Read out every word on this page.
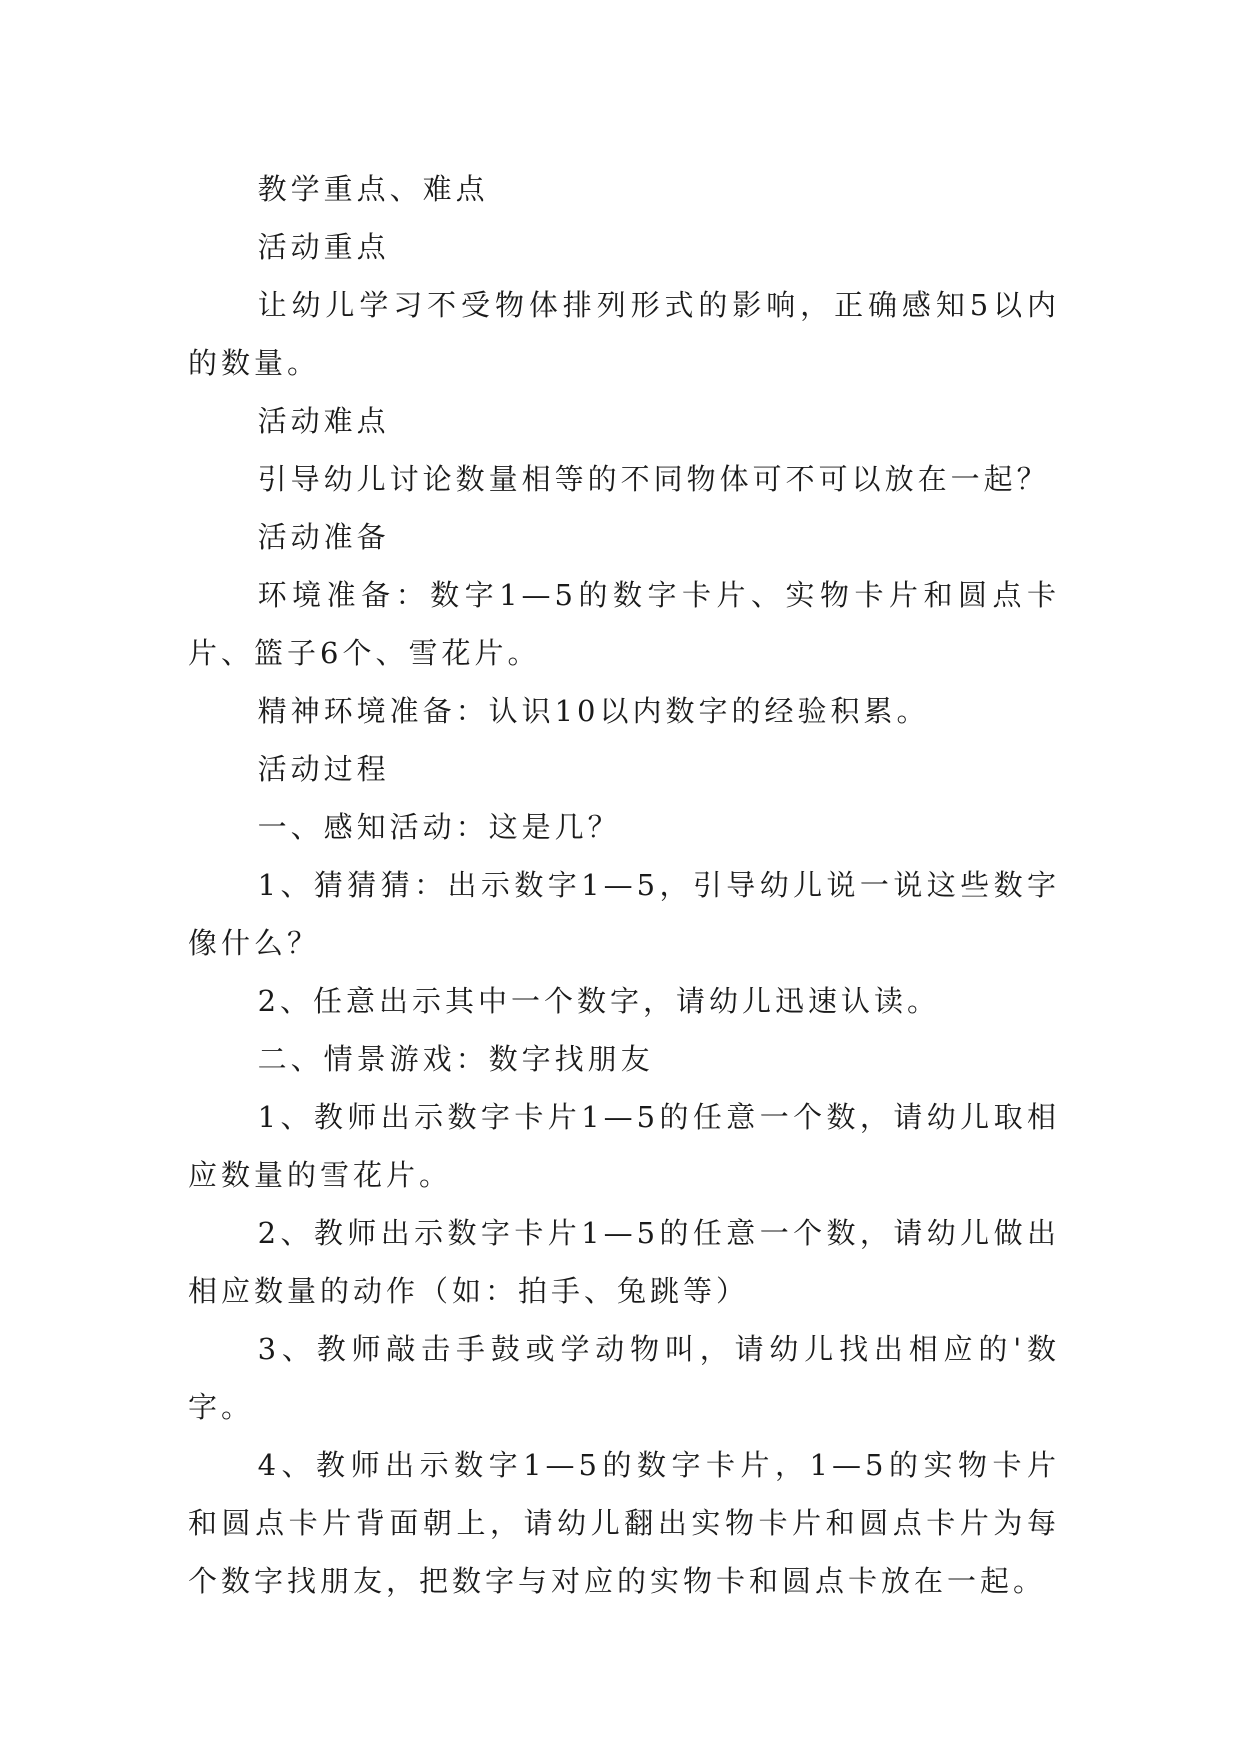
教学重点、难点

活动重点

让幼儿学习不受物体排列形式的影响，正确感知5以内的数量。

活动难点

引导幼儿讨论数量相等的不同物体可不可以放在一起？

活动准备

环境准备：数字1—5的数字卡片、实物卡片和圆点卡片、篮子6个、雪花片。

精神环境准备：认识10以内数字的经验积累。

活动过程

一、感知活动：这是几？

1、猜猜猜：出示数字1—5，引导幼儿说一说这些数字像什么？

2、任意出示其中一个数字，请幼儿迅速认读。

二、情景游戏：数字找朋友

1、教师出示数字卡片1—5的任意一个数，请幼儿取相应数量的雪花片。

2、教师出示数字卡片1—5的任意一个数，请幼儿做出相应数量的动作（如：拍手、兔跳等）

3、教师敲击手鼓或学动物叫，请幼儿找出相应的'数字。

4、教师出示数字1—5的数字卡片，1—5的实物卡片和圆点卡片背面朝上，请幼儿翻出实物卡片和圆点卡片为每个数字找朋友，把数字与对应的实物卡和圆点卡放在一起。
